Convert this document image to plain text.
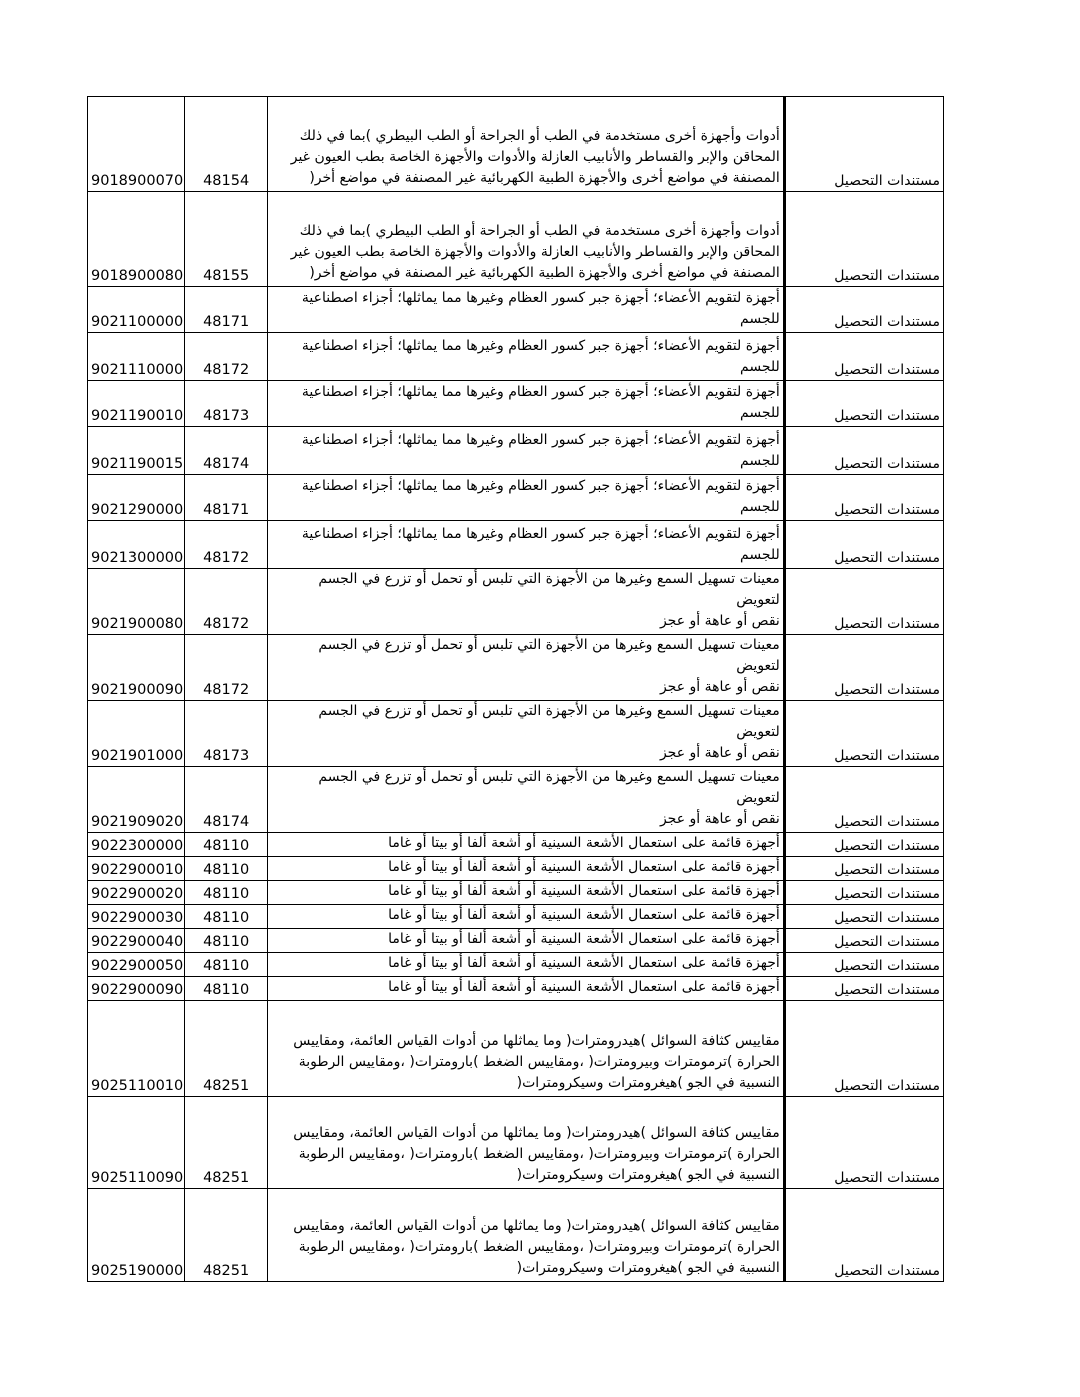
9018900070	48154	أدوات وأجهزة أخرى مستخدمة في الطب أو الجراحة أو الطب البيطري )بما في ذلك
المحاقن والإبر والقساطر والأنابيب العازلة والأدوات والأجهزة الخاصة بطب العيون غير
المصنفة في مواضع أخرى والأجهزة الطبية الكهربائية غير المصنفة في مواضع أخر(	مستندات التحصيل
9018900080	48155	أدوات وأجهزة أخرى مستخدمة في الطب أو الجراحة أو الطب البيطري )بما في ذلك
المحاقن والإبر والقساطر والأنابيب العازلة والأدوات والأجهزة الخاصة بطب العيون غير
المصنفة في مواضع أخرى والأجهزة الطبية الكهربائية غير المصنفة في مواضع أخر(	مستندات التحصيل
9021100000	48171	أجهزة لتقويم الأعضاء؛ أجهزة جبر كسور العظام وغيرها مما يماثلها؛ أجزاء اصطناعية
للجسم	مستندات التحصيل
9021110000	48172	أجهزة لتقويم الأعضاء؛ أجهزة جبر كسور العظام وغيرها مما يماثلها؛ أجزاء اصطناعية
للجسم	مستندات التحصيل
9021190010	48173	أجهزة لتقويم الأعضاء؛ أجهزة جبر كسور العظام وغيرها مما يماثلها؛ أجزاء اصطناعية
للجسم	مستندات التحصيل
9021190015	48174	أجهزة لتقويم الأعضاء؛ أجهزة جبر كسور العظام وغيرها مما يماثلها؛ أجزاء اصطناعية
للجسم	مستندات التحصيل
9021290000	48171	أجهزة لتقويم الأعضاء؛ أجهزة جبر كسور العظام وغيرها مما يماثلها؛ أجزاء اصطناعية
للجسم	مستندات التحصيل
9021300000	48172	أجهزة لتقويم الأعضاء؛ أجهزة جبر كسور العظام وغيرها مما يماثلها؛ أجزاء اصطناعية
للجسم	مستندات التحصيل
9021900080	48172	معينات تسهيل السمع وغيرها من الأجهزة التي تلبس أو تحمل أو تزرع في الجسم لتعويض
نقص أو عاهة أو عجز	مستندات التحصيل
9021900090	48172	معينات تسهيل السمع وغيرها من الأجهزة التي تلبس أو تحمل أو تزرع في الجسم لتعويض
نقص أو عاهة أو عجز	مستندات التحصيل
9021901000	48173	معينات تسهيل السمع وغيرها من الأجهزة التي تلبس أو تحمل أو تزرع في الجسم لتعويض
نقص أو عاهة أو عجز	مستندات التحصيل
9021909020	48174	معينات تسهيل السمع وغيرها من الأجهزة التي تلبس أو تحمل أو تزرع في الجسم لتعويض
نقص أو عاهة أو عجز	مستندات التحصيل
9022300000	48110	أجهزة قائمة على استعمال الأشعة السينية أو أشعة ألفا أو بيتا أو غاما	مستندات التحصيل
9022900010	48110	أجهزة قائمة على استعمال الأشعة السينية أو أشعة ألفا أو بيتا أو غاما	مستندات التحصيل
9022900020	48110	أجهزة قائمة على استعمال الأشعة السينية أو أشعة ألفا أو بيتا أو غاما	مستندات التحصيل
9022900030	48110	أجهزة قائمة على استعمال الأشعة السينية أو أشعة ألفا أو بيتا أو غاما	مستندات التحصيل
9022900040	48110	أجهزة قائمة على استعمال الأشعة السينية أو أشعة ألفا أو بيتا أو غاما	مستندات التحصيل
9022900050	48110	أجهزة قائمة على استعمال الأشعة السينية أو أشعة ألفا أو بيتا أو غاما	مستندات التحصيل
9022900090	48110	أجهزة قائمة على استعمال الأشعة السينية أو أشعة ألفا أو بيتا أو غاما	مستندات التحصيل
9025110010	48251	مقاييس كثافة السوائل )هيدرومترات( وما يماثلها من أدوات القياس العائمة، ومقاييس
الحرارة )ترمومترات وبيرومترات( ،ومقاييس الضغط )بارومترات( ،ومقاييس الرطوبة
النسبية في الجو )هيغرومترات وسيكرومترات(	مستندات التحصيل
9025110090	48251	مقاييس كثافة السوائل )هيدرومترات( وما يماثلها من أدوات القياس العائمة، ومقاييس
الحرارة )ترمومترات وبيرومترات( ،ومقاييس الضغط )بارومترات( ،ومقاييس الرطوبة
النسبية في الجو )هيغرومترات وسيكرومترات(	مستندات التحصيل
9025190000	48251	مقاييس كثافة السوائل )هيدرومترات( وما يماثلها من أدوات القياس العائمة، ومقاييس
الحرارة )ترمومترات وبيرومترات( ،ومقاييس الضغط )بارومترات( ،ومقاييس الرطوبة
النسبية في الجو )هيغرومترات وسيكرومترات(	مستندات التحصيل
